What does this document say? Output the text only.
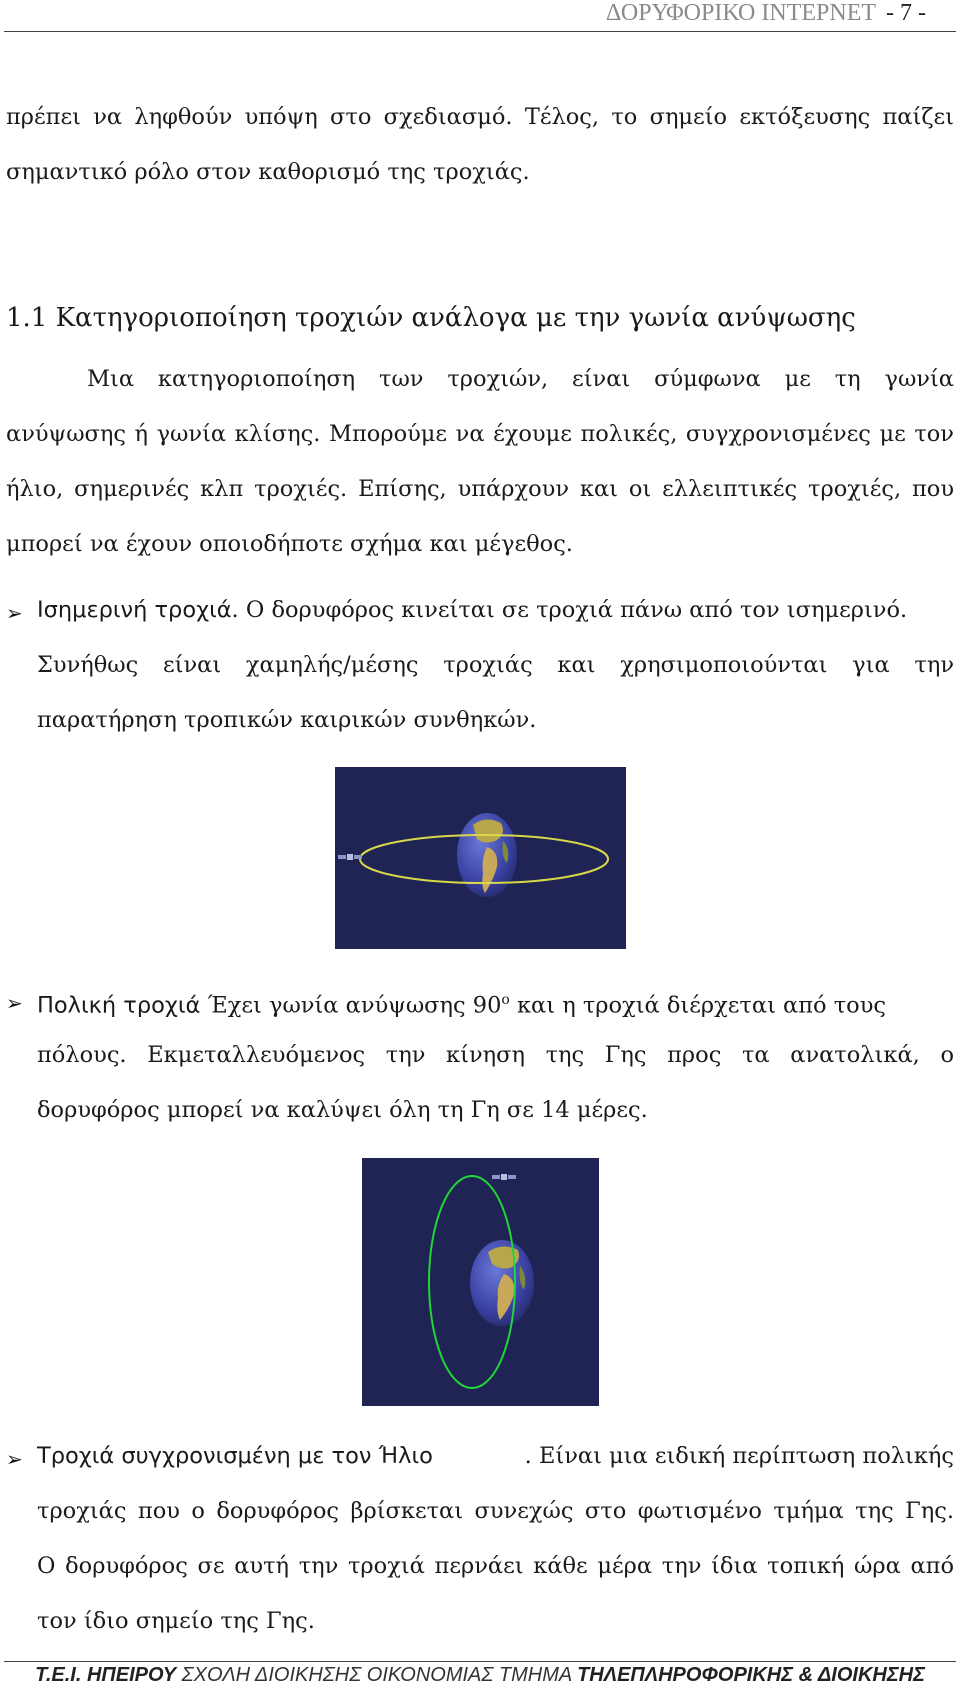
ΔΟΡΥΦΟΡΙΚΟ ΙΝΤΕΡΝΕΤ - 7 -
πρέπει να ληφθούν υπόψη στο σχεδιασμό. Τέλος, το σημείο εκτόξευσης παίζει
σημαντικό ρόλο στον καθορισμό της τροχιάς.
1.1 Κατηγοριοποίηση τροχιών ανάλογα με την γωνία ανύψωσης
Μια κατηγοριοποίηση των τροχιών, είναι σύμφωνα με τη γωνία
ανύψωσης ή γωνία κλίσης. Μπορούμε να έχουμε πολικές, συγχρονισμένες με τον
ήλιο, σημερινές κλπ τροχιές. Επίσης, υπάρχουν και οι ελλειπτικές τροχιές, που
μπορεί να έχουν οποιοδήποτε σχήμα και μέγεθος.
➢ Ισημερινή τροχιά. Ο δορυφόρος κινείται σε τροχιά πάνω από τον ισημερινό.
Συνήθως είναι χαμηλής/μέσης τροχιάς και χρησιμοποιούνται για την
παρατήρηση τροπικών καιρικών συνθηκών.
➢ Πολική τροχιά Έχει γωνία ανύψωσης $90^o$ και η τροχιά διέρχεται από τους
πόλους. Εκμεταλλευόμενος την κίνηση της Γης προς τα ανατολικά, ο
δορυφόρος μπορεί να καλύψει όλη τη Γη σε 14 μέρες.
➢ Τροχιά συγχρονισμένη με τον Ήλιο	. Είναι μια ειδική περίπτωση πολικής
τροχιάς που ο δορυφόρος βρίσκεται συνεχώς στο φωτισμένο τμήμα της Γης.
Ο δορυφόρος σε αυτή την τροχιά περνάει κάθε μέρα την ίδια τοπική ώρα από
τον ίδιο σημείο της Γης.
Τ.Ε.Ι. ΗΠΕΙΡΟΥ ΣΧΟΛΗ ΔΙΟΙΚΗΣΗΣ ΟΙΚΟΝΟΜΙΑΣ ΤΜΗΜΑ ΤΗΛΕΠΛΗΡΟΦΟΡΙΚΗΣ & ΔΙΟΙΚΗΣΗΣ
